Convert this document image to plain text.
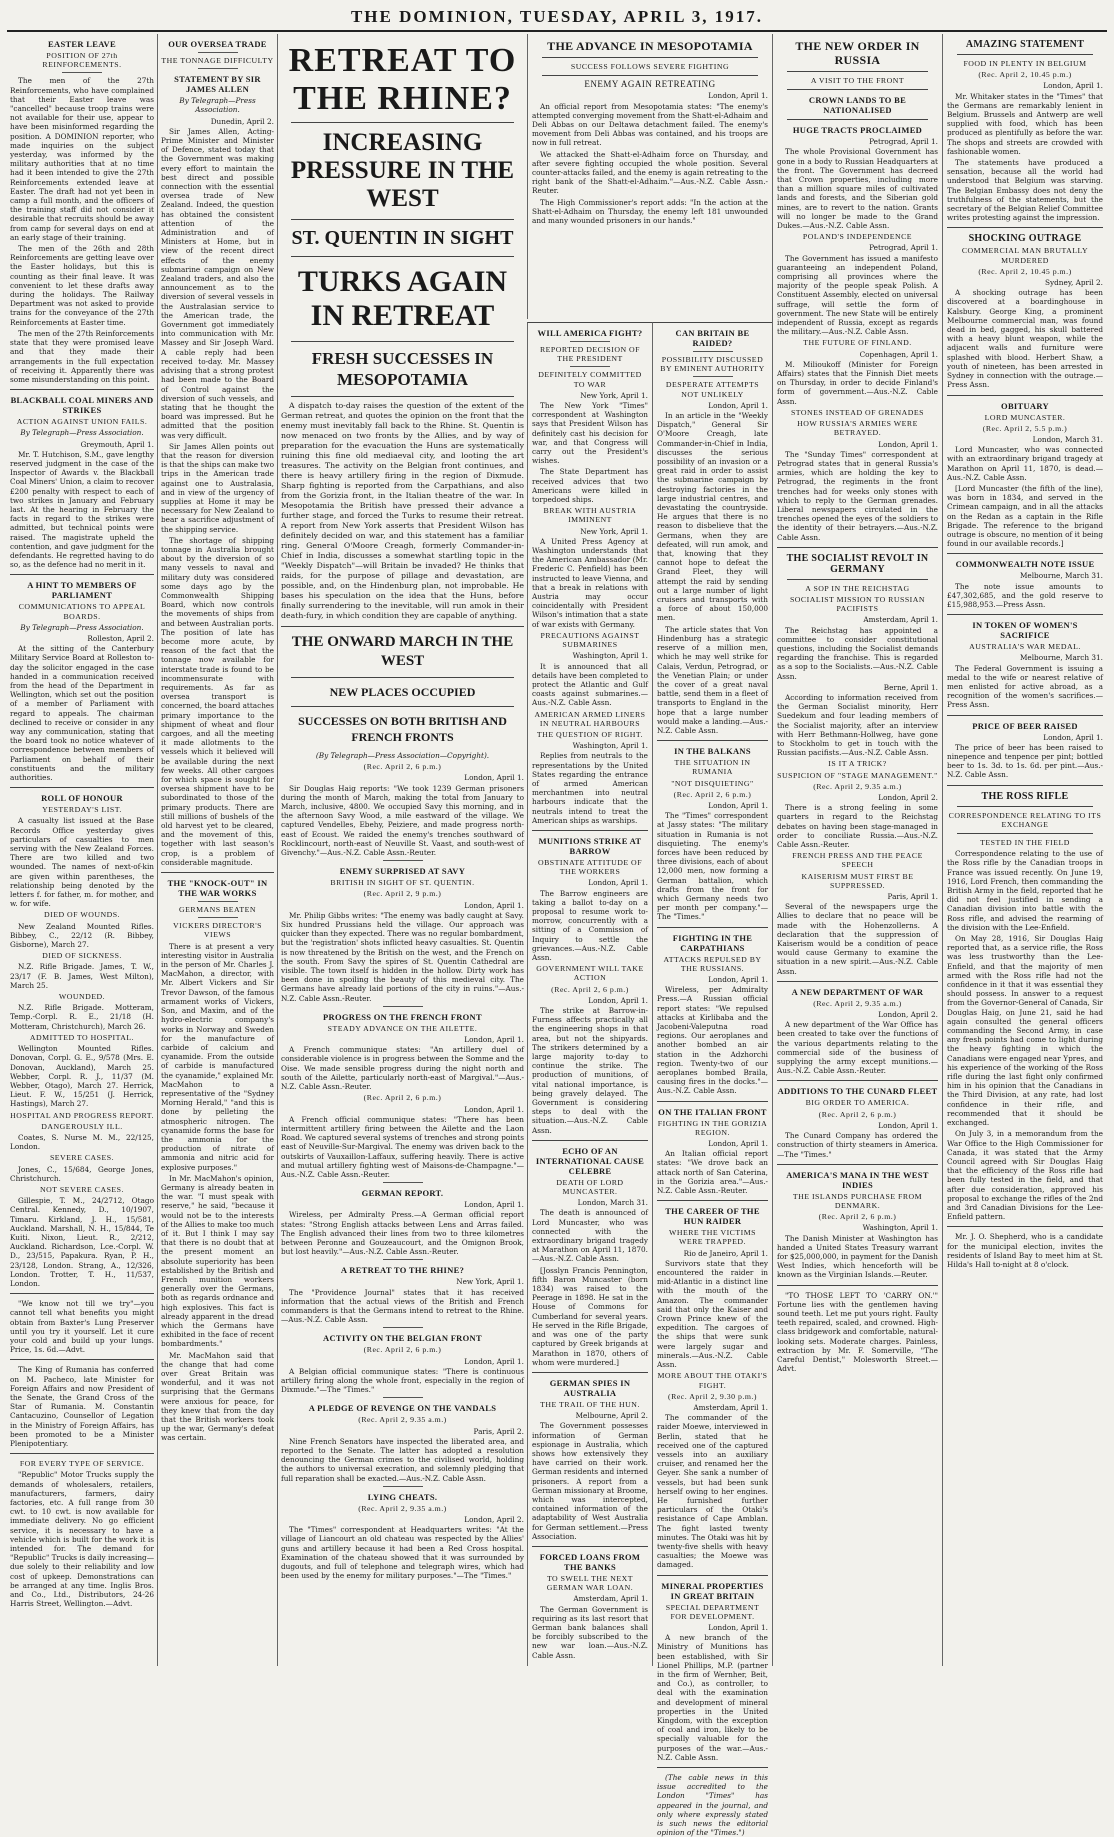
THE DOMINION, TUESDAY, APRIL 3, 1917.
EASTER LEAVE
POSITION OF 27th REINFORCEMENTS.

The men of the 27th Reinforcements, who have complained that their Easter leave was "cancelled" because troop trains were not available for their use, appear to have been misinformed regarding the position. A DOMINION reporter, who made inquiries on the subject yesterday, was informed by the military authorities that at no time had it been intended to give the 27th Reinforcements extended leave at Easter. The draft had not yet been in camp a full month, and the officers of the training staff did not consider it desirable that recruits should be away from camp for several days on end at an early stage of their training.

The men of the 26th and 28th Reinforcements are getting leave over the Easter holidays, but this is counting as their final leave. It was convenient to let these drafts away during the holidays. The Railway Department was not asked to provide trains for the conveyance of the 27th Reinforcements at Easter time.

The men of the 27th Reinforcements state that they were promised leave and that they made their arrangements in the full expectation of receiving it. Apparently there was some misunderstanding on this point.

BLACKBALL COAL MINERS AND STRIKES
ACTION AGAINST UNION FAILS.
By Telegraph—Press Association.
Greymouth, April 1.

Mr. T. Hutchison, S.M., gave lengthy reserved judgment in the case of the Inspector of Awards v. the Blackball Coal Miners' Union, a claim to recover £200 penalty with respect to each of two strikes in January and February last. At the hearing in February the facts in regard to the strikes were admitted, but technical points were raised. The magistrate upheld the contention, and gave judgment for the defendants. He regretted having to do so, as the defence had no merit in it.

A HINT TO MEMBERS OF PARLIAMENT
COMMUNICATIONS TO APPEAL BOARDS.
By Telegraph—Press Association.
Rolleston, April 2.

At the sitting of the Canterbury Military Service Board at Rolleston to-day the solicitor engaged in the case handed in a communication received from the head of the Department in Wellington, which set out the position of a member of Parliament with regard to appeals. The chairman declined to receive or consider in any way any communication, stating that the board took no notice whatever of correspondence between members of Parliament on behalf of their constituents and the military authorities.

ROLL OF HONOUR
YESTERDAY'S LIST.

A casualty list issued at the Base Records Office yesterday gives particulars of casualties to men serving with the New Zealand Forces. There are two killed and two wounded. The names of next-of-kin are given within parentheses, the relationship being denoted by the letters f. for father, m. for mother, and w. for wife.

DIED OF WOUNDS.

New Zealand Mounted Rifles. Bibbey, C., 22/12 (R. Bibbey, Gisborne), March 27.

DIED OF SICKNESS.

N.Z. Rifle Brigade. James, T. W., 23/17 (F. B. James, West Milton), March 25.

WOUNDED.

N.Z. Rifle Brigade. Motteram, Temp.-Corpl. R. E., 21/18 (H. Motteram, Christchurch), March 26.

ADMITTED TO HOSPITAL.

Wellington Mounted Rifles. Donovan, Corpl. G. E., 9/578 (Mrs. E. Donovan, Auckland), March 25. Webber, Corpl. R. J., 11/37 (M. Webber, Otago), March 27. Herrick, Lieut. F. W., 15/251 (J. Herrick, Hastings), March 27.

HOSPITAL AND PROGRESS REPORT.
DANGEROUSLY ILL.

Coates, S. Nurse M. M., 22/125, London.

SEVERE CASES.

Jones, C., 15/684, George Jones, Christchurch.

NOT SEVERE CASES.

Gillespie, T. M., 24/2712, Otago Central. Kennedy, D., 10/1907, Timaru. Kirkland, J. H., 15/581, Auckland. Marshall, N. H., 15/844, Te Kuiti. Nixon, Lieut. R., 2/212, Auckland. Richardson, Lce.-Corpl. W. D., 23/515, Papakura. Ryan, P. H., 23/128, London. Strang, A., 12/326, London. Trotter, T. H., 11/537, London.

"We know not till we try"—you cannot tell what benefits you might obtain from Baxter's Lung Preserver until you try it yourself. Let it cure your cold and build up your lungs. Price, 1s. 6d.—Advt.

The King of Rumania has conferred on M. Pacheco, late Minister for Foreign Affairs and now President of the Senate, the Grand Cross of the Star of Rumania. M. Constantin Cantacuzino, Counsellor of Legation in the Ministry of Foreign Affairs, has been promoted to be a Minister Plenipotentiary.

FOR EVERY TYPE OF SERVICE.

"Republic" Motor Trucks supply the demands of wholesalers, retailers, manufacturers, farmers, dairy factories, etc. A full range from 30 cwt. to 10 cwt. is now available for immediate delivery. No go efficient service, it is necessary to have a vehicle which is built for the work it is intended for. The demand for "Republic" Trucks is daily increasing—due solely to their reliability and low cost of upkeep. Demonstrations can be arranged at any time. Inglis Bros. and Co., Ltd., Distributors, 24-26 Harris Street, Wellington.—Advt.

OUR OVERSEA TRADE
THE TONNAGE DIFFICULTY
STATEMENT BY SIR JAMES ALLEN
By Telegraph—Press Association.
Dunedin, April 2.

Sir James Allen, Acting-Prime Minister and Minister of Defence, stated today that the Government was making every effort to maintain the best direct and possible connection with the essential oversea trade of New Zealand. Indeed, the question has obtained the consistent attention of the Administration and of Ministers at Home, but in view of the recent direct effects of the enemy submarine campaign on New Zealand traders, and also the announcement as to the diversion of several vessels in the Australasian service to the American trade, the Government got immediately into communication with Mr. Massey and Sir Joseph Ward. A cable reply had been received to-day. Mr. Massey advising that a strong protest had been made to the Board of Control against the diversion of such vessels, and stating that he thought the board was impressed. But he admitted that the position was very difficult.

Sir James Allen points out that the reason for diversion is that the ships can make two trips in the American trade against one to Australasia, and in view of the urgency of supplies at Home it may be necessary for New Zealand to bear a sacrifice adjustment of the shipping service.

The shortage of shipping tonnage in Australia brought about by the diversion of so many vessels to naval and military duty was considered some days ago by the Commonwealth Shipping Board, which now controls the movements of ships from and between Australian ports. The position of late has become more acute, by reason of the fact that the tonnage now available for interstate trade is found to be incommensurate with requirements. As far as oversea transport is concerned, the board attaches primary importance to the shipment of wheat and flour cargoes, and all the meeting it made allotments to the vessels which it believed will be available during the next few weeks. All other cargoes for which space is sought for oversea shipment have to be subordinated to those of the primary products. There are still millions of bushels of the old harvest yet to be cleared, and the movement of this, together with last season's crop, is a problem of considerable magnitude.

THE "KNOCK-OUT" IN THE WAR WORKS
GERMANS BEATEN
VICKERS DIRECTOR'S VIEWS

There is at present a very interesting visitor in Australia in the person of Mr. Charles J. MacMahon, a director, with Mr. Albert Vickers and Sir Trevor Dawson, of the famous armament works of Vickers, Son, and Maxim, and of the hydro-electric company's works in Norway and Sweden for the manufacture of carbide of calcium and cyanamide. From the outside of carbide is manufactured the cyanamide," explained Mr. MacMahon to a representative of the "Sydney Morning Herald," "and this is done by pelleting the atmospheric nitrogen. The cyanamide forms the base for the ammonia for the production of nitrate of ammonia and nitric acid for explosive purposes."

In Mr. MacMahon's opinion, Germany is already beaten in the war. "I must speak with reserve," he said, "because it would not be to the interests of the Allies to make too much of it. But I think I may say that there is no doubt that at the present moment an absolute superiority has been established by the British and French munition workers generally over the Germans, both as regards ordnance and high explosives. This fact is already apparent in the dread which the Germans have exhibited in the face of recent bombardments."

Mr. MacMahon said that the change that had come over Great Britain was wonderful, and it was not surprising that the Germans were anxious for peace, for they knew that from the day that the British workers took up the war, Germany's defeat was certain.

RETREAT TO THE RHINE?
INCREASING PRESSURE IN THE WEST
ST. QUENTIN IN SIGHT
TURKS AGAIN IN RETREAT
FRESH SUCCESSES IN MESOPOTAMIA

A dispatch to-day raises the question of the extent of the German retreat, and quotes the opinion on the front that the enemy must inevitably fall back to the Rhine. St. Quentin is now menaced on two fronts by the Allies, and by way of preparation for the evacuation the Huns are systematically ruining this fine old mediaeval city, and looting the art treasures. The activity on the Belgian front continues, and there is heavy artillery firing in the region of Dixmude. Sharp fighting is reported from the Carpathians, and also from the Gorizia front, in the Italian theatre of the war. In Mesopotamia the British have pressed their advance a further stage, and forced the Turks to resume their retreat. A report from New York asserts that President Wilson has definitely decided on war, and this statement has a familiar ring. General O'Moore Creagh, formerly Commander-in-Chief in India, discusses a somewhat startling topic in the "Weekly Dispatch"—will Britain be invaded? He thinks that raids, for the purpose of pillage and devastation, are possible, and, on the Hindenburg plan, not improbable. He bases his speculation on the idea that the Huns, before finally surrendering to the inevitable, will run amok in their death-fury, in which condition they are capable of anything.

THE ONWARD MARCH IN THE WEST
NEW PLACES OCCUPIED
SUCCESSES ON BOTH BRITISH AND FRENCH FRONTS
(By Telegraph—Press Association—Copyright).
(Rec. April 2, 6 p.m.)
London, April 1.

Sir Douglas Haig reports: "We took 1239 German prisoners during the month of March, making the total from January to March, inclusive, 4800. We occupied Savy this morning, and in the afternoon Savy Wood, a mile eastward of the village. We captured Vendelles, Ebehy, Peiziere, and made progress north-east of Ecoust. We raided the enemy's trenches southward of Rocklincourt, north-east of Neuville St. Vaast, and south-west of Givenchy."—Aus.-N.Z. Cable Assn.-Reuter.

ENEMY SURPRISED AT SAVY
BRITISH IN SIGHT OF ST. QUENTIN.
(Rec. April 2, 9 p.m.)
London, April 1.

Mr. Philip Gibbs writes: "The enemy was badly caught at Savy. Six hundred Prussians held the village. Our approach was quicker than they expected. There was no regular bombardment, but the 'registration' shots inflicted heavy casualties. St. Quentin is now threatened by the British on the west, and the French on the south. From Savy the spires of St. Quentin Cathedral are visible. The town itself is hidden in the hollow. Dirty work has been done in spoiling the beauty of this medieval city. The Germans have already laid portions of the city in ruins."—Aus.-N.Z. Cable Assn.-Reuter.

PROGRESS ON THE FRENCH FRONT
STEADY ADVANCE ON THE AILETTE.
London, April 1.

A French communique states: "An artillery duel of considerable violence is in progress between the Somme and the Oise. We made sensible progress during the night north and south of the Ailette, particularly north-east of Margival."—Aus.-N.Z. Cable Assn.-Reuter.

(Rec. April 2, 6 p.m.)
London, April 1.

A French official communique states: "There has been intermittent artillery firing between the Ailette and the Laon Road. We captured several systems of trenches and strong points east of Neuville-Sur-Margival. The enemy was driven back to the outskirts of Vauxaillon-Laffaux, suffering heavily. There is active and mutual artillery fighting west of Maisons-de-Champagne."—Aus.-N.Z. Cable Assn.-Reuter.

GERMAN REPORT.
London, April 1.

Wireless, per Admiralty Press.—A German official report states: "Strong English attacks between Lens and Arras failed. The English advanced their lines from two to three kilometres between Peronne and Gouzeaucourt, and the Omignon Brook, but lost heavily."—Aus.-N.Z. Cable Assn.-Reuter.

A RETREAT TO THE RHINE?
New York, April 1.

The "Providence Journal" states that it has received information that the actual views of the British and French commanders is that the Germans intend to retreat to the Rhine.—Aus.-N.Z. Cable Assn.

ACTIVITY ON THE BELGIAN FRONT
(Rec. April 2, 6 p.m.)
London, April 1.

A Belgian official communique states: "There is continuous artillery firing along the whole front, especially in the region of Dixmude."—The "Times."

A PLEDGE OF REVENGE ON THE VANDALS
(Rec. April 2, 9.35 a.m.)
Paris, April 2.

Nine French Senators have inspected the liberated area, and reported to the Senate. The latter has adopted a resolution denouncing the German crimes to the civilised world, holding the authors to universal execration, and solemnly pledging that full reparation shall be exacted.—Aus.-N.Z. Cable Assn.

LYING CHEATS.
(Rec. April 2, 9.35 a.m.)
London, April 2.

The "Times" correspondent at Headquarters writes: "At the village of Liancourt an old chateau was respected by the Allies' guns and artillery because it had been a Red Cross hospital. Examination of the chateau showed that it was surrounded by dugouts, and full of telephone and telegraph wires, which had been used by the enemy for military purposes."—The "Times."

THE ADVANCE IN MESOPOTAMIA
SUCCESS FOLLOWS SEVERE FIGHTING
ENEMY AGAIN RETREATING
London, April 1.

An official report from Mesopotamia states: "The enemy's attempted converging movement from the Shatt-el-Adhaim and Deli Abbas on our Deltawa detachment failed. The enemy's movement from Deli Abbas was contained, and his troops are now in full retreat.

We attacked the Shatt-el-Adhaim force on Thursday, and after severe fighting occupied the whole position. Several counter-attacks failed, and the enemy is again retreating to the right bank of the Shatt-el-Adhaim."—Aus.-N.Z. Cable Assn.-Reuter.

The High Commissioner's report adds: "In the action at the Shatt-el-Adhaim on Thursday, the enemy left 181 unwounded and many wounded prisoners in our hands."

WILL AMERICA FIGHT?
REPORTED DECISION OF THE PRESIDENT
DEFINITELY COMMITTED TO WAR
New York, April 1.

The New York "Times" correspondent at Washington says that President Wilson has definitely cast his decision for war, and that Congress will carry out the President's wishes.

The State Department has received advices that two Americans were killed in torpedoed ships.

BREAK WITH AUSTRIA IMMINENT
New York, April 1.

A United Press Agency at Washington understands that the American Ambassador (Mr. Frederic C. Penfield) has been instructed to leave Vienna, and that a break in relations with Austria may occur coincidentally with President Wilson's intimation that a state of war exists with Germany.

PRECAUTIONS AGAINST SUBMARINES
Washington, April 1.

It is announced that all details have been completed to protect the Atlantic and Gulf coasts against submarines.—Aus.-N.Z. Cable Assn.

AMERICAN ARMED LINERS IN NEUTRAL HARBOURS
THE QUESTION OF RIGHT.
Washington, April 1.

Replies from neutrals to the representations by the United States regarding the entrance of armed American merchantmen into neutral harbours indicate that the neutrals intend to treat the American ships as warships.

MUNITIONS STRIKE AT BARROW
OBSTINATE ATTITUDE OF THE WORKERS
London, April 1.

The Barrow engineers are taking a ballot to-day on a proposal to resume work to-morrow, concurrently with a sitting of a Commission of Inquiry to settle the grievances.—Aus.-N.Z. Cable Assn.

GOVERNMENT WILL TAKE ACTION
(Rec. April 2, 6 p.m.)
London, April 1.

The strike at Barrow-in-Furness affects practically all the engineering shops in that area, but not the shipyards. The strikers determined by a large majority to-day to continue the strike. The production of munitions, of vital national importance, is being gravely delayed. The Government is considering steps to deal with the situation.—Aus.-N.Z. Cable Assn.

ECHO OF AN INTERNATIONAL CAUSE CELEBRE
DEATH OF LORD MUNCASTER.
London, March 31.

The death is announced of Lord Muncaster, who was connected with the extraordinary brigand tragedy at Marathon on April 11, 1870.—Aus.-N.Z. Cable Assn.

[Josslyn Francis Pennington, fifth Baron Muncaster (born 1834) was raised to the Peerage in 1898. He sat in the House of Commons for Cumberland for several years. He served in the Rifle Brigade, and was one of the party captured by Greek brigands at Marathon in 1870, others of whom were murdered.]

GERMAN SPIES IN AUSTRALIA
THE TRAIL OF THE HUN.
Melbourne, April 2.

The Government possesses information of German espionage in Australia, which shows how extensively they have carried on their work. German residents and interned prisoners. A report from a German missionary at Broome, which was intercepted, contained information of the adaptability of West Australia for German settlement.—Press Association.

FORCED LOANS FROM THE BANKS
TO SWELL THE NEXT GERMAN WAR LOAN.
Amsterdam, April 1.

The German Government is requiring as its last resort that German bank balances shall be forcibly subscribed to the new war loan.—Aus.-N.Z. Cable Assn.

CAN BRITAIN BE RAIDED?
POSSIBILITY DISCUSSED BY EMINENT AUTHORITY
DESPERATE ATTEMPTS NOT UNLIKELY
London, April 1.

In an article in the "Weekly Dispatch," General Sir O'Moore Creagh, late Commander-in-Chief in India, discusses the serious possibility of an invasion or a great raid in order to assist the submarine campaign by destroying factories in the large industrial centres, and devastating the countryside. He argues that there is no reason to disbelieve that the Germans, when they are defeated, will run amok, and that, knowing that they cannot hope to defeat the Grand Fleet, they will attempt the raid by sending out a large number of light cruisers and transports with a force of about 150,000 men.

The article states that Von Hindenburg has a strategic reserve of a million men, which he may well strike for Calais, Verdun, Petrograd, or the Venetian Plain; or under the cover of a great naval battle, send them in a fleet of transports to England in the hope that a large number would make a landing.—Aus.-N.Z. Cable Assn.

IN THE BALKANS
THE SITUATION IN RUMANIA
"NOT DISQUIETING"
(Rec. April 2, 6 p.m.)
London, April 1.

The "Times" correspondent at Jassy states: "The military situation in Rumania is not disquieting. The enemy's forces have been reduced by three divisions, each of about 12,000 men, now forming a German battalion, which drafts from the front for which Germany needs two per month per company."—The "Times."

FIGHTING IN THE CARPATHIANS
ATTACKS REPULSED BY THE RUSSIANS.
London, April 1.

Wireless, per Admiralty Press.—A Russian official report states: "We repulsed attacks at Kirlibaba and the Jacobeni-Valeputna road regions. Our aeroplanes and another bombed an air station in the Adzhorchi region. Twenty-two of our aeroplanes bombed Braila, causing fires in the docks."—Aus.-N.Z. Cable Assn.

ON THE ITALIAN FRONT
FIGHTING IN THE GORIZIA REGION.
London, April 1.

An Italian official report states: "We drove back an attack north of San Caterina, in the Gorizia area."—Aus.-N.Z. Cable Assn.-Reuter.

THE CAREER OF THE HUN RAIDER
WHERE THE VICTIMS WERE TRAPPED.
Rio de Janeiro, April 1.

Survivors state that they encountered the raider in mid-Atlantic in a distinct line with the mouth of the Amazon. The commander said that only the Kaiser and Crown Prince knew of the expedition. The cargoes of the ships that were sunk were largely sugar and minerals.—Aus.-N.Z. Cable Assn.

MORE ABOUT THE OTAKI'S FIGHT.
(Rec. April 2, 9.30 p.m.)
Amsterdam, April 1.

The commander of the raider Moewe, interviewed in Berlin, stated that he received one of the captured vessels into an auxiliary cruiser, and renamed her the Geyer. She sank a number of vessels, but had been sunk herself owing to her engines. He furnished further particulars of the Otaki's resistance of Cape Amblan. The fight lasted twenty minutes. The Otaki was hit by twenty-five shells with heavy casualties; the Moewe was damaged.

MINERAL PROPERTIES IN GREAT BRITAIN
SPECIAL DEPARTMENT FOR DEVELOPMENT.
London, April 1.

A new branch of the Ministry of Munitions has been established, with Sir Lionel Phillips, M.P. (partner in the firm of Wernher, Beit, and Co.), as controller, to deal with the examination and development of mineral properties in the United Kingdom, with the exception of coal and iron, likely to be specially valuable for the purposes of the war.—Aus.-N.Z. Cable Assn.

(The cable news in this issue accredited to the London "Times" has appeared in the journal, and only where expressly stated is such news the editorial opinion of the "Times.")

THE NEW ORDER IN RUSSIA
A VISIT TO THE FRONT
CROWN LANDS TO BE NATIONALISED
HUGE TRACTS PROCLAIMED
Petrograd, April 1.

The whole Provisional Government has gone in a body to Russian Headquarters at the front. The Government has decreed that Crown properties, including more than a million square miles of cultivated lands and forests, and the Siberian gold mines, are to revert to the nation. Grants will no longer be made to the Grand Dukes.—Aus.-N.Z. Cable Assn.

POLAND'S INDEPENDENCE
Petrograd, April 1.

The Government has issued a manifesto guaranteeing an independent Poland, comprising all provinces where the majority of the people speak Polish. A Constituent Assembly, elected on universal suffrage, will settle the form of government. The new State will be entirely independent of Russia, except as regards the military.—Aus.-N.Z. Cable Assn.

THE FUTURE OF FINLAND.
Copenhagen, April 1.

M. Milioukoff (Minister for Foreign Affairs) states that the Finnish Diet meets on Thursday, in order to decide Finland's form of government.—Aus.-N.Z. Cable Assn.

STONES INSTEAD OF GRENADES
HOW RUSSIA'S ARMIES WERE BETRAYED.
London, April 1.

The "Sunday Times" correspondent at Petrograd states that in general Russia's armies, which are holding the key to Petrograd, the regiments in the front trenches had for weeks only stones with which to reply to the German grenades. Liberal newspapers circulated in the trenches opened the eyes of the soldiers to the identity of their betrayers.—Aus.-N.Z. Cable Assn.

THE SOCIALIST REVOLT IN GERMANY
A SOP IN THE REICHSTAG
SOCIALIST MISSION TO RUSSIAN PACIFISTS
Amsterdam, April 1.

The Reichstag has appointed a committee to consider constitutional questions, including the Socialist demands regarding the franchise. This is regarded as a sop to the Socialists.—Aus.-N.Z. Cable Assn.

Berne, April 1.

According to information received from the German Socialist minority, Herr Suedekum and four leading members of the Socialist majority, after an interview with Herr Bethmann-Hollweg, have gone to Stockholm to get in touch with the Russian pacifists.—Aus.-N.Z. Cable Assn.

IS IT A TRICK?
SUSPICION OF "STAGE MANAGEMENT."
(Rec. April 2, 9.35 a.m.)
London, April 2.

There is a strong feeling in some quarters in regard to the Reichstag debates on having been stage-managed in order to conciliate Russia.—Aus.-N.Z. Cable Assn.-Reuter.

FRENCH PRESS AND THE PEACE SPEECH
KAISERISM MUST FIRST BE SUPPRESSED.
Paris, April 1.

Several of the newspapers urge the Allies to declare that no peace will be made with the Hohenzollerns. A declaration that the suppression of Kaiserism would be a condition of peace would cause Germany to examine the situation in a new spirit.—Aus.-N.Z. Cable Assn.

A NEW DEPARTMENT OF WAR
(Rec. April 2, 9.35 a.m.)
London, April 2.

A new department of the War Office has been created to take over the functions of the various departments relating to the commercial side of the business of supplying the army except munitions.—Aus.-N.Z. Cable Assn.-Reuter.

ADDITIONS TO THE CUNARD FLEET
BIG ORDER TO AMERICA.
(Rec. April 2, 6 p.m.)
London, April 1.

The Cunard Company has ordered the construction of thirty steamers in America.—The "Times."

AMERICA'S MANA IN THE WEST INDIES
THE ISLANDS PURCHASE FROM DENMARK.
(Rec. April 2, 6 p.m.)
Washington, April 1.

The Danish Minister at Washington has handed a United States Treasury warrant for $25,000,000, in payment for the Danish West Indies, which henceforth will be known as the Virginian Islands.—Reuter.

"TO THOSE LEFT TO 'CARRY ON.'" Fortune lies with the gentlemen having sound teeth. Let me put yours right. Faulty teeth repaired, scaled, and crowned. High-class bridgework and comfortable, natural-looking sets. Moderate charges. Painless, extraction by Mr. F. Somerville, "The Careful Dentist," Molesworth Street.—Advt.

AMAZING STATEMENT
FOOD IN PLENTY IN BELGIUM
(Rec. April 2, 10.45 p.m.)
London, April 1.

Mr. Whitaker states in the "Times" that the Germans are remarkably lenient in Belgium. Brussels and Antwerp are well supplied with food, which has been produced as plentifully as before the war. The shops and streets are crowded with fashionable women.

The statements have produced a sensation, because all the world had understood that Belgium was starving. The Belgian Embassy does not deny the truthfulness of the statements, but the secretary of the Belgian Relief Committee writes protesting against the impression.

SHOCKING OUTRAGE
COMMERCIAL MAN BRUTALLY MURDERED
(Rec. April 2, 10.45 p.m.)
Sydney, April 2.

A shocking outrage has been discovered at a boardinghouse in Kalsbury. George King, a prominent Melbourne commercial man, was found dead in bed, gagged, his skull battered with a heavy blunt weapon, while the adjacent walls and furniture were splashed with blood. Herbert Shaw, a youth of nineteen, has been arrested in Sydney in connection with the outrage.—Press Assn.

OBITUARY
LORD MUNCASTER.
(Rec. April 2, 5.5 p.m.)
London, March 31.

Lord Muncaster, who was connected with an extraordinary brigand tragedy at Marathon on April 11, 1870, is dead.—Aus.-N.Z. Cable Assn.

[Lord Muncaster (the fifth of the line), was born in 1834, and served in the Crimean campaign, and in all the attacks on the Redan as a captain in the Rifle Brigade. The reference to the brigand outrage is obscure, no mention of it being found in our available records.]

COMMONWEALTH NOTE ISSUE
Melbourne, March 31.

The note issue amounts to £47,302,685, and the gold reserve to £15,988,953.—Press Assn.

IN TOKEN OF WOMEN'S SACRIFICE
AUSTRALIA'S WAR MEDAL.
Melbourne, March 31.

The Federal Government is issuing a medal to the wife or nearest relative of men enlisted for active abroad, as a recognition of the women's sacrifices.—Press Assn.

PRICE OF BEER RAISED
London, April 1.

The price of beer has been raised to ninepence and tenpence per pint; bottled beer to 1s. 3d. to 1s. 6d. per pint.—Aus.-N.Z. Cable Assn.

THE ROSS RIFLE
CORRESPONDENCE RELATING TO ITS EXCHANGE
TESTED IN THE FIELD

Correspondence relating to the use of the Ross rifle by the Canadian troops in France was issued recently. On June 19, 1916, Lord French, then commanding the British Army in the field, reported that he did not feel justified in sending a Canadian division into battle with the Ross rifle, and advised the rearming of the division with the Lee-Enfield.

On May 28, 1916, Sir Douglas Haig reported that, as a service rifle, the Ross was less trustworthy than the Lee-Enfield, and that the majority of men armed with the Ross rifle had not the confidence in it that it was essential they should possess. In answer to a request from the Governor-General of Canada, Sir Douglas Haig, on June 21, said he had again consulted the general officers commanding the Second Army, in case any fresh points had come to light during the heavy fighting in which the Canadians were engaged near Ypres, and his experience of the working of the Ross rifle during the last fight only confirmed him in his opinion that the Canadians in the Third Division, at any rate, had lost confidence in their rifle, and recommended that it should be exchanged.

On July 3, in a memorandum from the War Office to the High Commissioner for Canada, it was stated that the Army Council agreed with Sir Douglas Haig that the efficiency of the Ross rifle had been fully tested in the field, and that after due consideration, approved his proposal to exchange the rifles of the 2nd and 3rd Canadian Divisions for the Lee-Enfield pattern.

Mr. J. O. Shepherd, who is a candidate for the municipal election, invites the residents of Island Bay to meet him at St. Hilda's Hall to-night at 8 o'clock.
